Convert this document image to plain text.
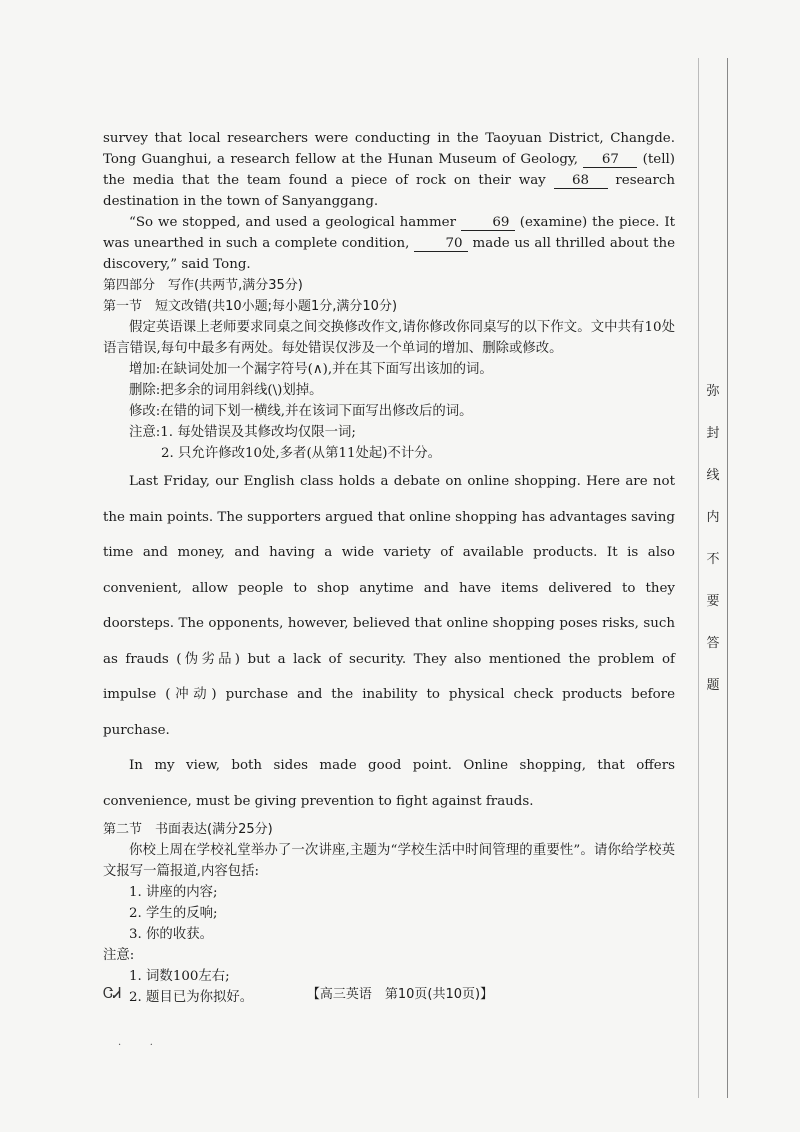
弥
封
线
内
不
要
答
题

survey that local researchers were conducting in the Taoyuan District, Changde. Tong Guanghui, a research fellow at the Hunan Museum of Geology, 67 (tell) the media that the team found a piece of rock on their way 68 research destination in the town of Sanyanggang.

“So we stopped, and used a geological hammer 69 (examine) the piece. It was unearthed in such a complete condition, 70 made us all thrilled about the discovery,” said Tong.

第四部分　写作(共两节,满分35分)

第一节　短文改错(共10小题;每小题1分,满分10分)

假定英语课上老师要求同桌之间交换修改作文,请你修改你同桌写的以下作文。文中共有10处语言错误,每句中最多有两处。每处错误仅涉及一个单词的增加、删除或修改。

增加:在缺词处加一个漏字符号(∧),并在其下面写出该加的词。

删除:把多余的词用斜线(\)划掉。

修改:在错的词下划一横线,并在该词下面写出修改后的词。

注意:1. 每处错误及其修改均仅限一词;

2. 只允许修改10处,多者(从第11处起)不计分。

Last Friday, our English class holds a debate on online shopping. Here are not the main points. The supporters argued that online shopping has advantages saving time and money, and having a wide variety of available products. It is also convenient, allow people to shop anytime and have items delivered to they doorsteps. The opponents, however, believed that online shopping poses risks, such as frauds (伪劣品) but a lack of security. They also mentioned the problem of impulse (冲动) purchase and the inability to physical check products before purchase.

In my view, both sides made good point. Online shopping, that offers convenience, must be giving prevention to fight against frauds.

第二节　书面表达(满分25分)

你校上周在学校礼堂举办了一次讲座,主题为“学校生活中时间管理的重要性”。请你给学校英文报写一篇报道,内容包括:

1. 讲座的内容;

2. 学生的反响;

3. 你的收获。

注意:

1. 词数100左右;

2. 题目已为你拟好。

ᏣᏗ	【高三英语　第10页(共10页)】
·         ·
